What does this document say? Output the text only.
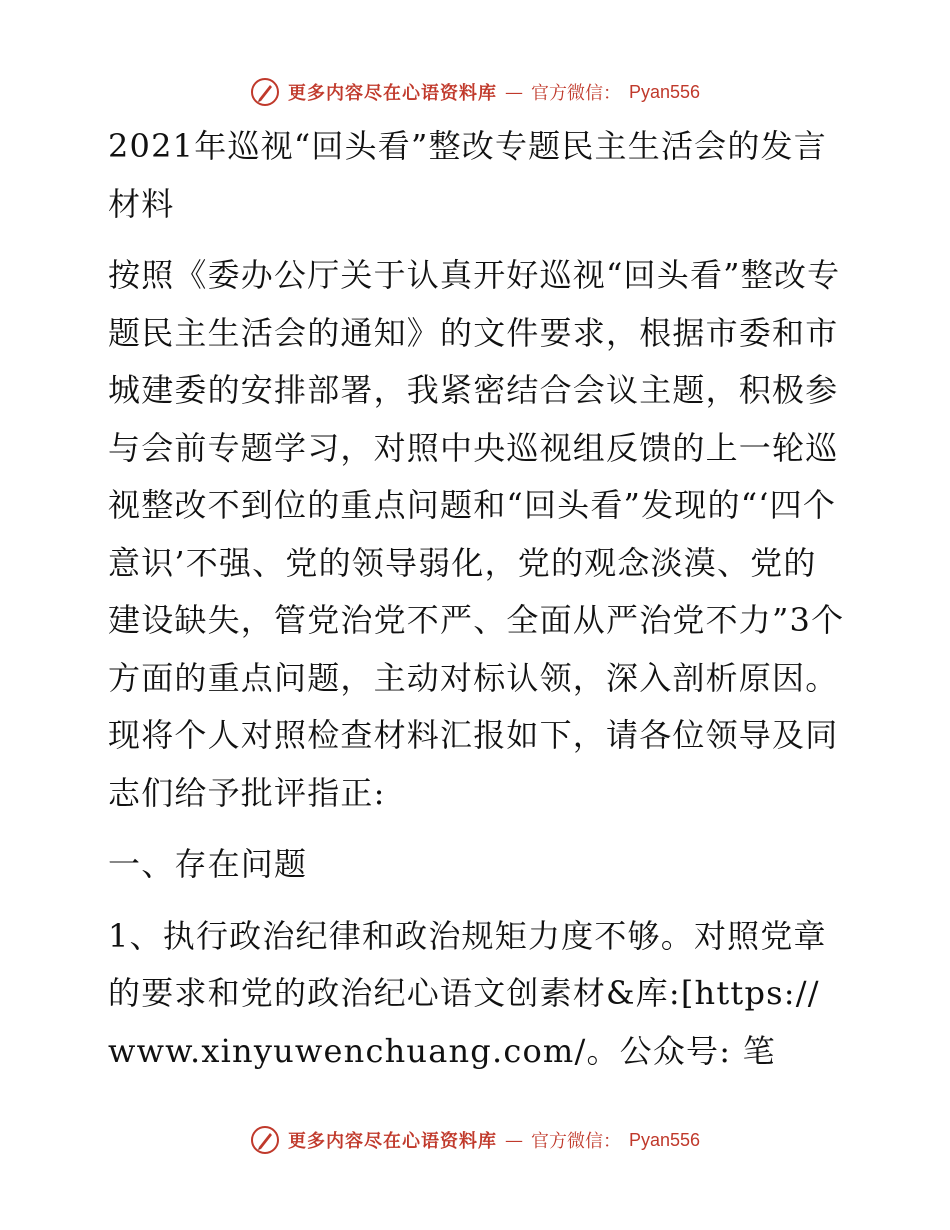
更多内容尽在心语资料库 — 官方微信： Pyan556

2021年巡视“回头看”整改专题民主生活会的发言材料

按照《委办公厅关于认真开好巡视“回头看”整改专题民主生活会的通知》的文件要求，根据市委和市城建委的安排部署，我紧密结合会议主题，积极参与会前专题学习，对照中央巡视组反馈的上一轮巡视整改不到位的重点问题和“回头看”发现的“‘四个意识’不强、党的领导弱化，党的观念淡漠、党的建设缺失，管党治党不严、全面从严治党不力”3个方面的重点问题，主动对标认领，深入剖析原因。现将个人对照检查材料汇报如下，请各位领导及同志们给予批评指正:

一、存在问题

1、执行政治纪律和政治规矩力度不够。对照党章的要求和党的政治纪心语文创素材&库:[https://www.xinyuwenchuang.com/。公众号: 笔

更多内容尽在心语资料库 — 官方微信： Pyan556
